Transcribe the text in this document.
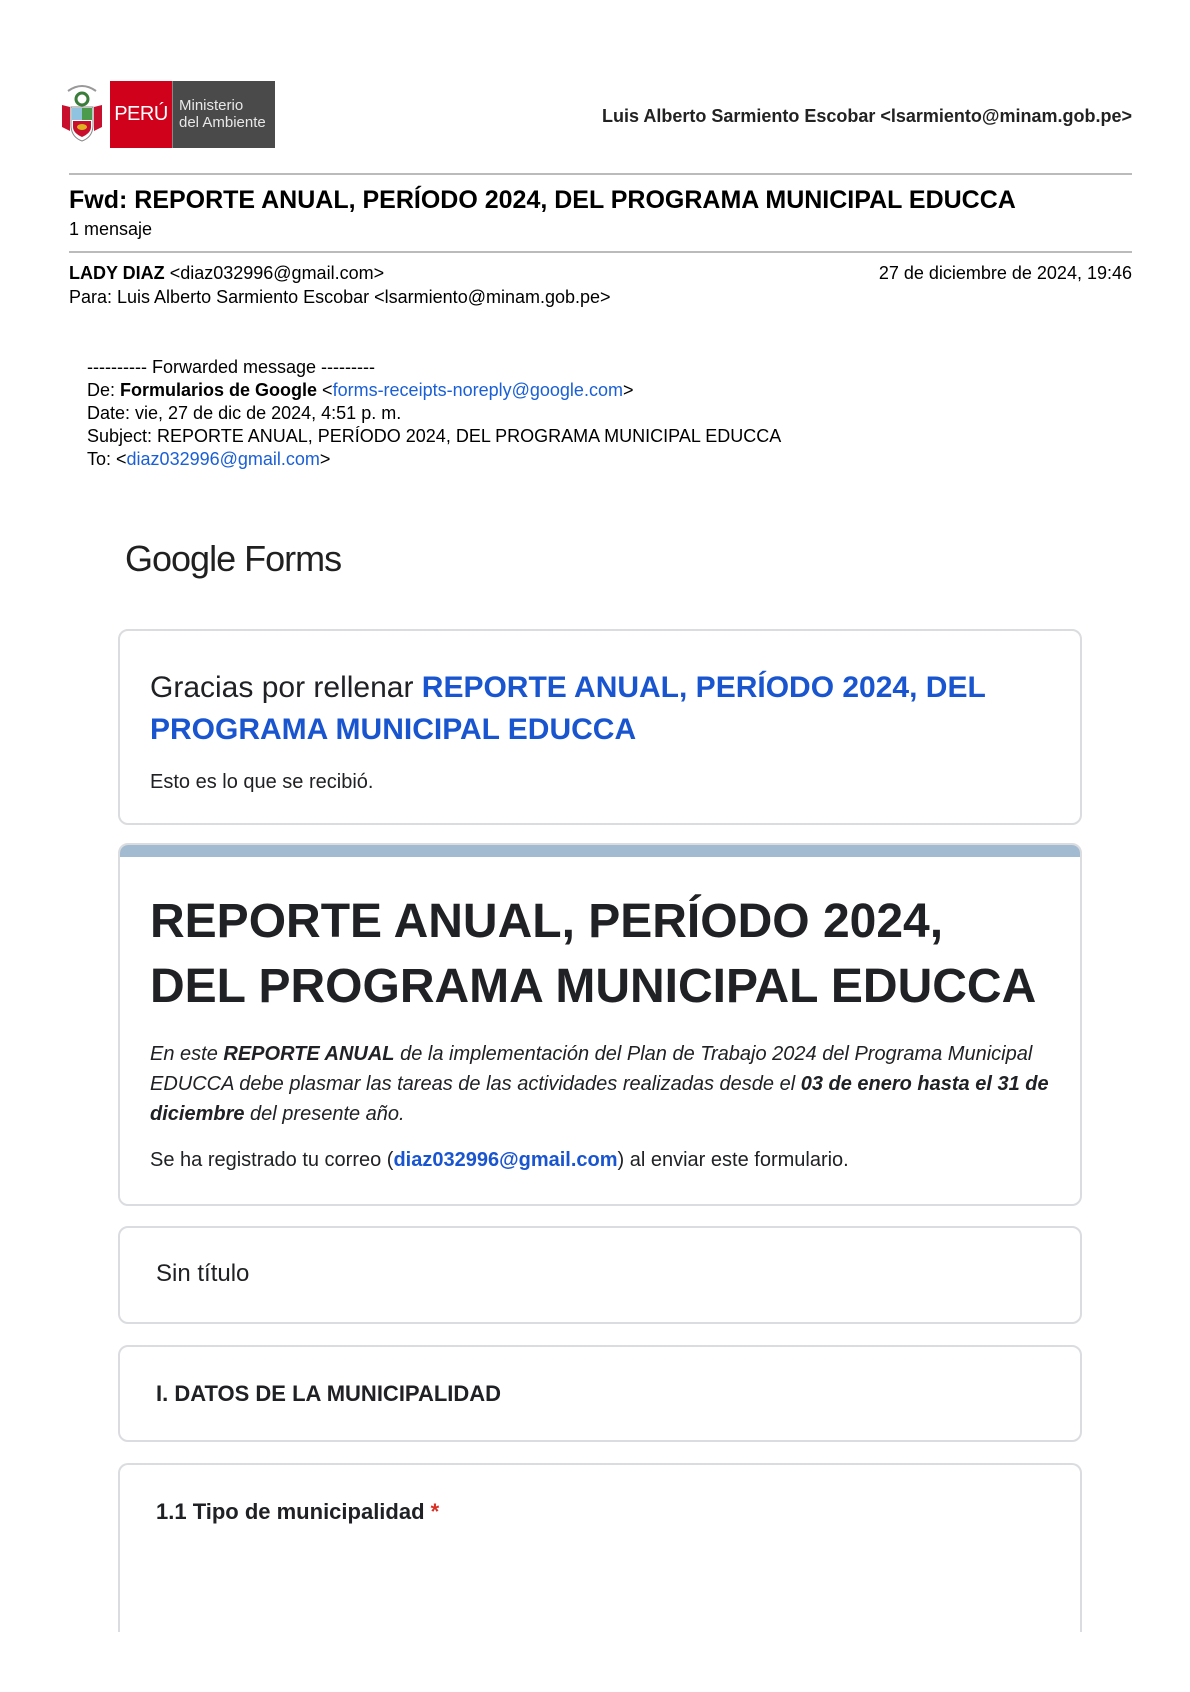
PERÚ Ministerio
del Ambiente	Luis Alberto Sarmiento Escobar <lsarmiento@minam.gob.pe>
Fwd: REPORTE ANUAL, PERÍODO 2024, DEL PROGRAMA MUNICIPAL EDUCCA
1 mensaje
LADY DIAZ <diaz032996@gmail.com>	27 de diciembre de 2024, 19:46
Para: Luis Alberto Sarmiento Escobar <lsarmiento@minam.gob.pe>
---------- Forwarded message ---------
De: Formularios de Google <forms-receipts-noreply@google.com>
Date: vie, 27 de dic de 2024, 4:51 p. m.
Subject: REPORTE ANUAL, PERÍODO 2024, DEL PROGRAMA MUNICIPAL EDUCCA
To: <diaz032996@gmail.com>
Google Forms
Gracias por rellenar REPORTE ANUAL, PERÍODO 2024, DEL PROGRAMA MUNICIPAL EDUCCA
Esto es lo que se recibió.
REPORTE ANUAL, PERÍODO 2024, DEL PROGRAMA MUNICIPAL EDUCCA
En este REPORTE ANUAL de la implementación del Plan de Trabajo 2024 del Programa Municipal EDUCCA debe plasmar las tareas de las actividades realizadas desde el 03 de enero hasta el 31 de diciembre del presente año.
Se ha registrado tu correo (diaz032996@gmail.com) al enviar este formulario.
Sin título
I. DATOS DE LA MUNICIPALIDAD
1.1 Tipo de municipalidad *
